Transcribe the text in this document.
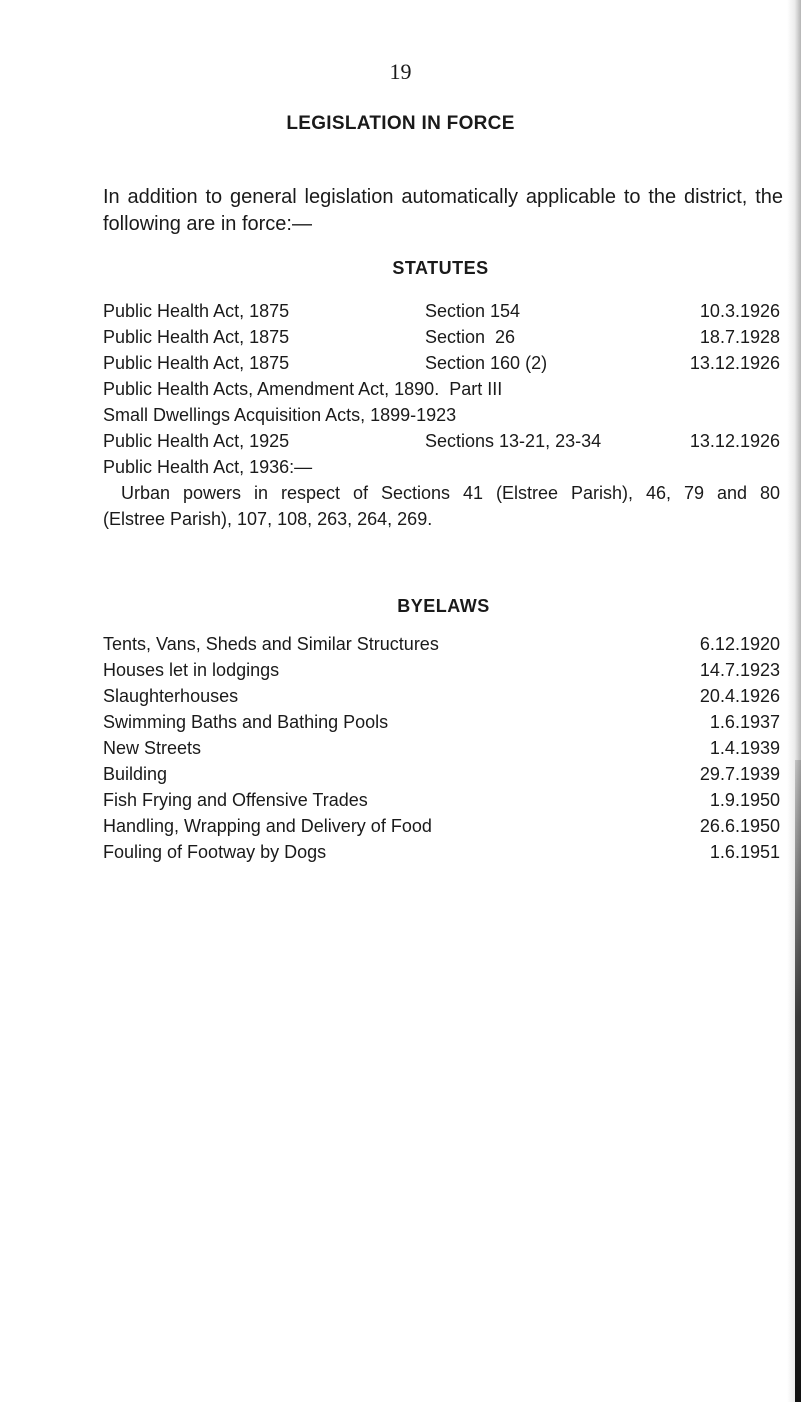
19
LEGISLATION IN FORCE
In addition to general legislation automatically applicable to the district, the following are in force:—
STATUTES
Public Health Act, 1875	Section 154	10.3.1926
Public Health Act, 1875	Section  26	18.7.1928
Public Health Act, 1875	Section 160 (2)	13.12.1926
Public Health Acts, Amendment Act, 1890.  Part III
Small Dwellings Acquisition Acts, 1899-1923
Public Health Act, 1925	Sections 13-21, 23-34	13.12.1926
Public Health Act, 1936:—
Urban powers in respect of Sections 41 (Elstree Parish), 46, 79 and 80
(Elstree Parish), 107, 108, 263, 264, 269.
BYELAWS
Tents, Vans, Sheds and Similar Structures	6.12.1920
Houses let in lodgings	14.7.1923
Slaughterhouses	20.4.1926
Swimming Baths and Bathing Pools	1.6.1937
New Streets	1.4.1939
Building	29.7.1939
Fish Frying and Offensive Trades	1.9.1950
Handling, Wrapping and Delivery of Food	26.6.1950
Fouling of Footway by Dogs	1.6.1951
